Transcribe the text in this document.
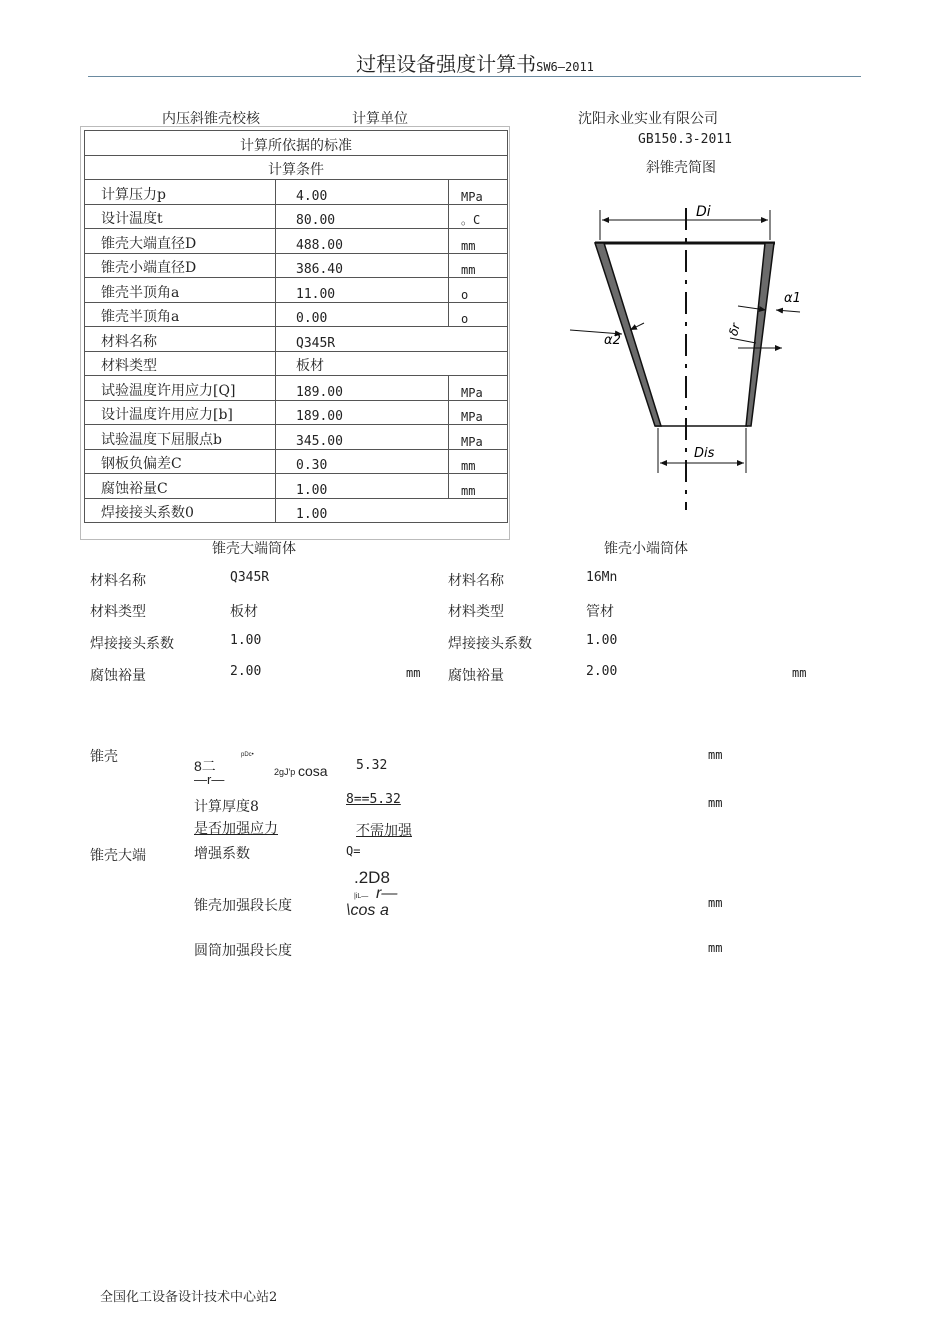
过程设备强度计算书SW6—2011
内压斜锥壳校核	计算单位	沈阳永业实业有限公司
GB150.3-2011
斜锥壳简图
计算所依据的标准		
计算条件		
计算压力p	4.00	MPa
设计温度t	80.00	。C
锥壳大端直径D	488.00	mm
锥壳小端直径D	386.40	mm
锥壳半顶角a	11.00	o
锥壳半顶角a	0.00	o
材料名称	Q345R	
材料类型	板材	
试验温度许用应力[Q]	189.00	MPa
设计温度许用应力[b]	189.00	MPa
试验温度下屈服点b	345.00	MPa
钢板负偏差C	0.30	mm
腐蚀裕量C	1.00	mm
焊接接头系数0	1.00	
Di
Dis
α1
δr
α2
锥壳大端筒体	锥壳小端筒体
材料名称	Q345R
材料类型	板材
焊接接头系数	1.00
腐蚀裕量	2.00	mm
材料名称	16Mn
材料类型	管材
焊接接头系数	1.00
腐蚀裕量	2.00	mm
锥壳
8二
pDc•
—r—	2gJ'p cosa 5.32
mm
计算厚度8	8==5.32	mm
是否加强应力	不需加强
锥壳大端	增强系数	Q=
.2D8
|iL— r—
\cos a
锥壳加强段长度	mm
圆筒加强段长度	mm
全国化工设备设计技术中心站2
